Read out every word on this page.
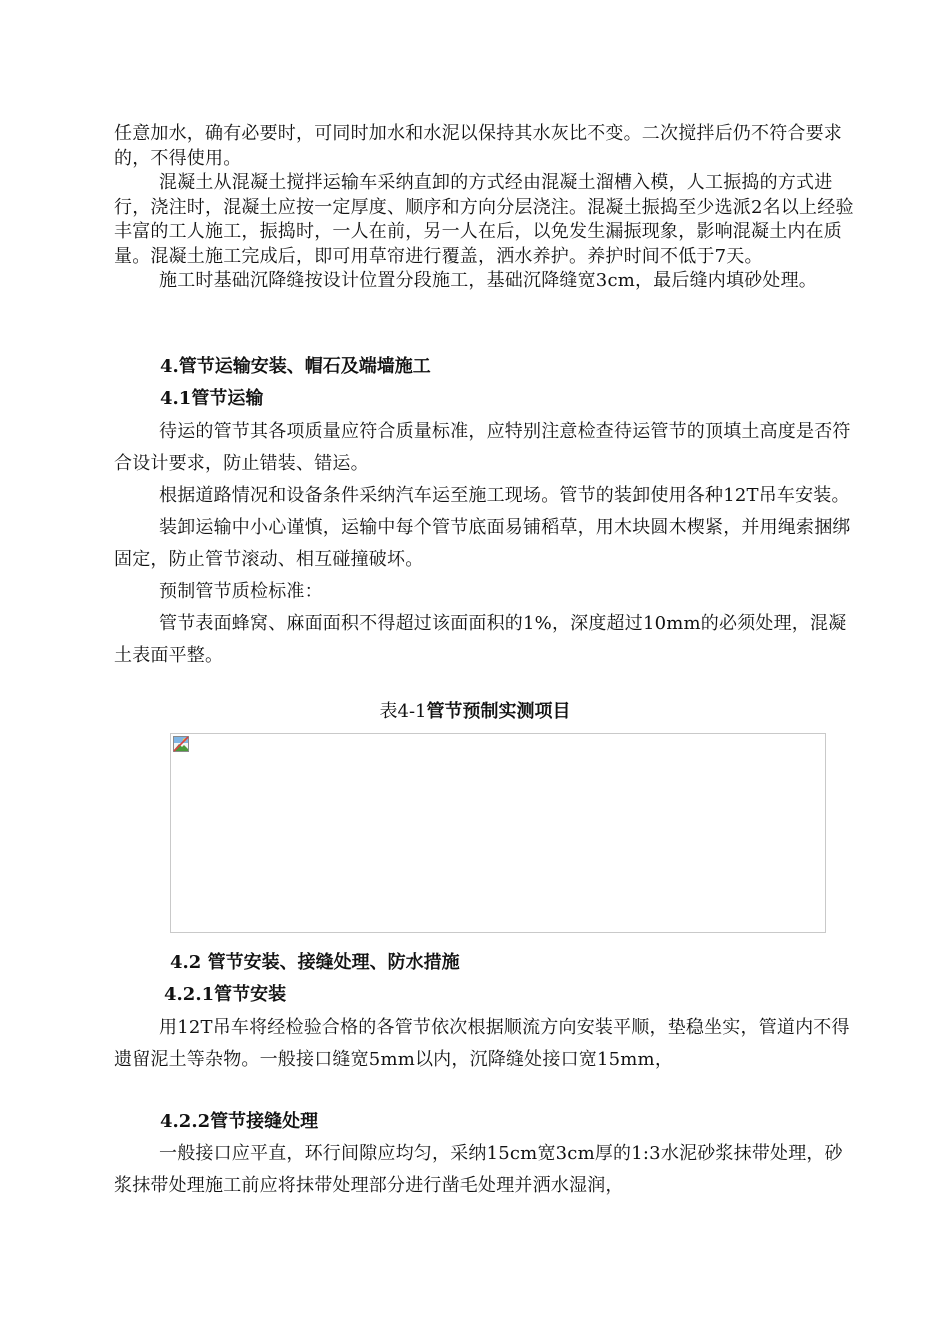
任意加水，确有必要时，可同时加水和水泥以保持其水灰比不变。二次搅拌后仍不符合要求的，不得使用。

混凝土从混凝土搅拌运输车采纳直卸的方式经由混凝土溜槽入模，人工振捣的方式进行，浇注时，混凝土应按一定厚度、顺序和方向分层浇注。混凝土振捣至少选派2名以上经验丰富的工人施工，振捣时，一人在前，另一人在后，以免发生漏振现象，影响混凝土内在质量。混凝土施工完成后，即可用草帘进行覆盖，洒水养护。养护时间不低于7天。

施工时基础沉降缝按设计位置分段施工，基础沉降缝宽3cm，最后缝内填砂处理。

4.管节运输安装、帽石及端墙施工

4.1管节运输

待运的管节其各项质量应符合质量标准，应特别注意检查待运管节的顶填土高度是否符合设计要求，防止错装、错运。

根据道路情况和设备条件采纳汽车运至施工现场。管节的装卸使用各种12T吊车安装。

装卸运输中小心谨慎，运输中每个管节底面易铺稻草，用木块圆木楔紧，并用绳索捆绑固定，防止管节滚动、相互碰撞破坏。

预制管节质检标准：

管节表面蜂窝、麻面面积不得超过该面面积的1%，深度超过10mm的必须处理，混凝土表面平整。

表4-1管节预制实测项目

4.2 管节安装、接缝处理、防水措施

4.2.1管节安装

用12T吊车将经检验合格的各管节依次根据顺流方向安装平顺，垫稳坐实，管道内不得遗留泥土等杂物。一般接口缝宽5mm以内，沉降缝处接口宽15mm，

4.2.2管节接缝处理

一般接口应平直，环行间隙应均匀，采纳15cm宽3cm厚的1:3水泥砂浆抹带处理，砂浆抹带处理施工前应将抹带处理部分进行凿毛处理并洒水湿润，
